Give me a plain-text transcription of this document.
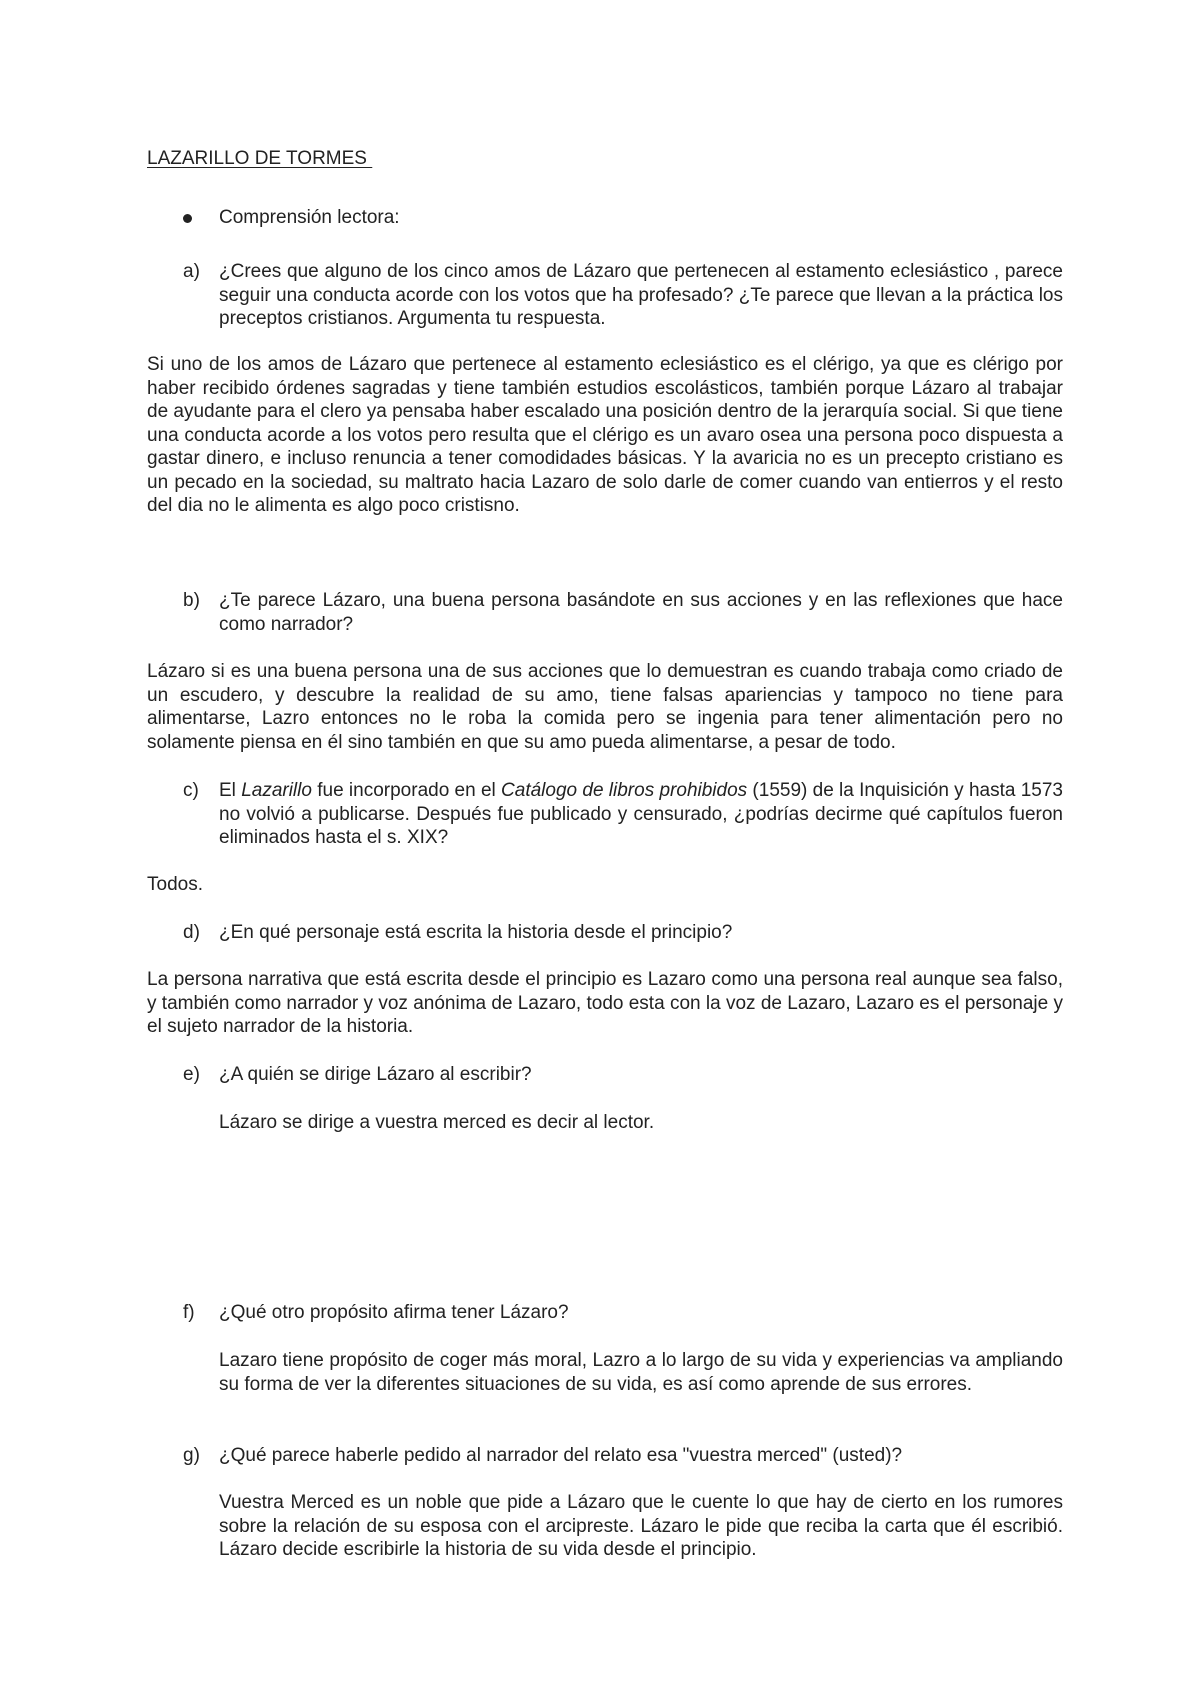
LAZARILLO DE TORMES
Comprensión lectora:
a)	¿Crees que alguno de los cinco amos de Lázaro que pertenecen al estamento eclesiástico , parece seguir una conducta acorde con los votos que ha profesado? ¿Te parece que llevan a la práctica los preceptos cristianos. Argumenta tu respuesta.
Si uno de los amos de Lázaro que pertenece al estamento eclesiástico es el clérigo, ya que es clérigo por haber recibido órdenes sagradas y tiene también estudios escolásticos, también porque Lázaro al trabajar de ayudante para el clero ya pensaba haber escalado una posición dentro de la jerarquía social. Si que tiene una conducta acorde a los votos pero resulta que el clérigo es un avaro osea una persona poco dispuesta a gastar dinero, e incluso renuncia a tener comodidades básicas. Y la avaricia no es un precepto cristiano es un pecado en la sociedad, su maltrato hacia Lazaro de solo darle de comer cuando van entierros y el resto del dia no le alimenta es algo poco cristisno.
b)	¿Te parece Lázaro, una buena persona basándote en sus acciones y en las reflexiones que hace como narrador?
Lázaro si es una buena persona una de sus acciones que lo demuestran es cuando trabaja como criado de un escudero, y descubre la realidad de su amo, tiene falsas apariencias y tampoco no tiene para alimentarse, Lazro entonces no le roba la comida pero se ingenia para tener alimentación pero no solamente piensa en él sino también en que su amo pueda alimentarse, a pesar de todo.
c)	El Lazarillo fue incorporado en el Catálogo de libros prohibidos (1559) de la Inquisición y hasta 1573 no volvió a publicarse. Después fue publicado y censurado, ¿podrías decirme qué capítulos fueron eliminados hasta el s. XIX?
Todos.
d)	¿En qué personaje está escrita la historia desde el principio?
La persona narrativa que está escrita desde el principio es Lazaro como una persona real aunque sea falso, y también como narrador y voz anónima de Lazaro, todo esta con la voz de Lazaro, Lazaro es el personaje y el sujeto narrador de la historia.
e)	¿A quién se dirige Lázaro al escribir?
Lázaro se dirige a vuestra merced es decir al lector.
f)	¿Qué otro propósito afirma tener Lázaro?
Lazaro tiene propósito de coger más moral, Lazro a lo largo de su vida y experiencias va ampliando su forma de ver la diferentes situaciones de su vida, es así como aprende de sus errores.
g)	¿Qué parece haberle pedido al narrador del relato esa "vuestra merced" (usted)?
Vuestra Merced es un noble que pide a Lázaro que le cuente lo que hay de cierto en los rumores sobre la relación de su esposa con el arcipreste. Lázaro le pide que reciba la carta que él escribió. Lázaro decide escribirle la historia de su vida desde el principio.
